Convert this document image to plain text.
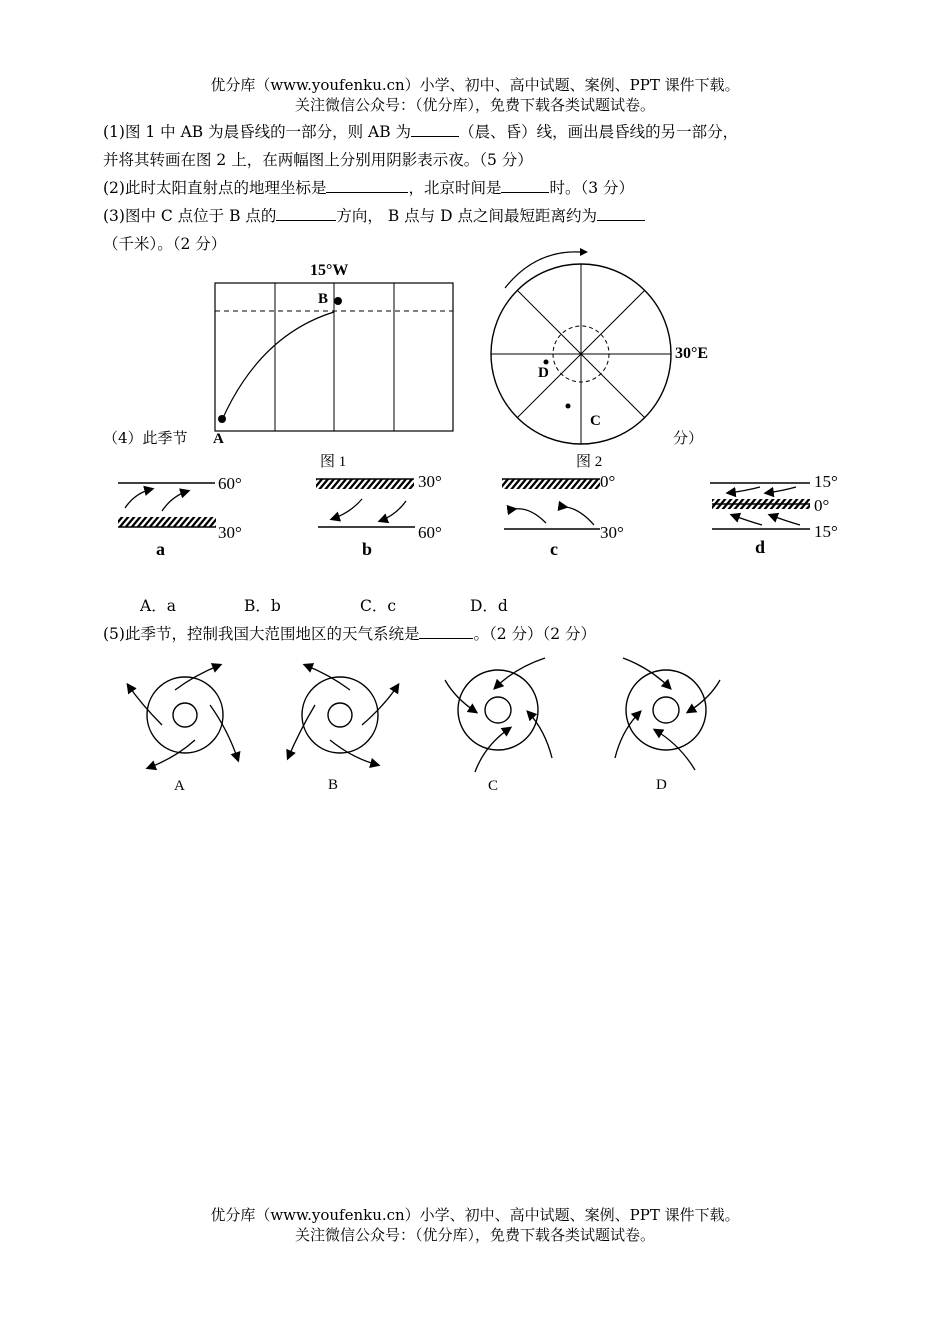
优分库（www.youfenku.cn）小学、初中、高中试题、案例、PPT 课件下载。
关注微信公众号：（优分库），免费下载各类试题试卷。
(1)图 1 中 AB 为晨昏线的一部分，则 AB 为	（晨、昏）线，画出晨昏线的另一部分，
并将其转画在图 2 上，在两幅图上分别用阴影表示夜。（5 分）
(2)此时太阳直射点的地理坐标是	，北京时间是	时。（3 分）
(3)图中 C 点位于 B 点的	方向， B 点与 D 点之间最短距离约为
（千米）。（2 分）
15°W
B
A
图 1
（4）此季节	分）
30°E
D
C
图 2
60°
30°
a
30°
60°
b
0°
30°
c
15°
0°
15°
d
A．a	B．b	C．c	D．d
(5)此季节，控制我国大范围地区的天气系统是	。（2 分）（2 分）
A	B	C	D
优分库（www.youfenku.cn）小学、初中、高中试题、案例、PPT 课件下载。
关注微信公众号：（优分库），免费下载各类试题试卷。
